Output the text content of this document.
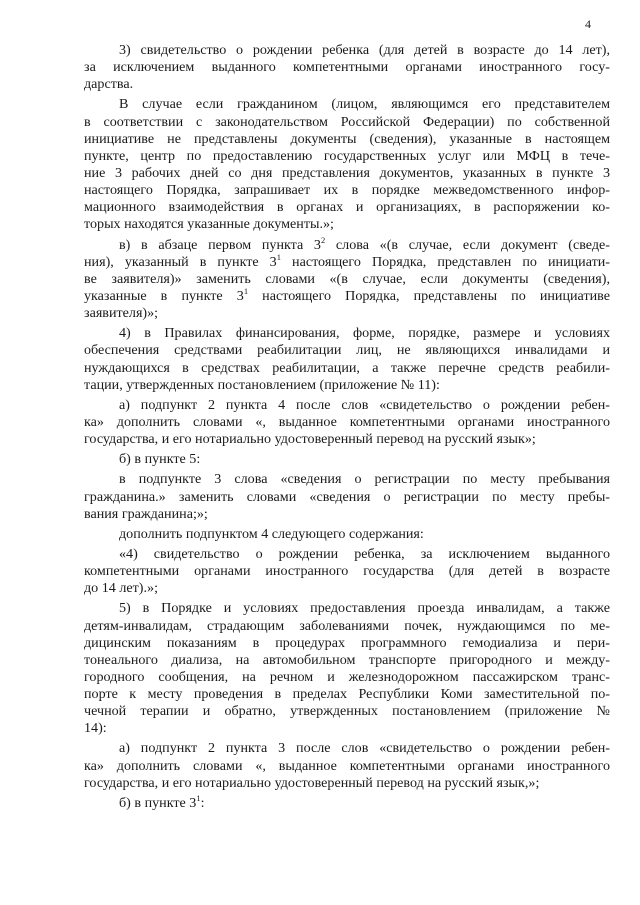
4
3) свидетельство о рождении ребенка (для детей в возрасте до 14 лет),
за исключением выданного компетентными органами иностранного госу-
дарства.
В случае если гражданином (лицом, являющимся его представителем
в соответствии с законодательством Российской Федерации) по собственной
инициативе не представлены документы (сведения), указанные в настоящем
пункте, центр по предоставлению государственных услуг или МФЦ в тече-
ние 3 рабочих дней со дня представления документов, указанных в пункте 3
настоящего Порядка, запрашивает их в порядке межведомственного инфор-
мационного взаимодействия в органах и организациях, в распоряжении ко-
торых находятся указанные документы.»;
в) в абзаце первом пункта $3^2$ слова «(в случае, если документ (сведе-
ния), указанный в пункте $3^1$ настоящего Порядка, представлен по инициати-
ве заявителя)» заменить словами «(в случае, если документы (сведения),
указанные в пункте $3^1$ настоящего Порядка, представлены по инициативе
заявителя)»;
4) в Правилах финансирования, форме, порядке, размере и условиях
обеспечения средствами реабилитации лиц, не являющихся инвалидами и
нуждающихся в средствах реабилитации, а также перечне средств реабили-
тации, утвержденных постановлением (приложение № 11):
а) подпункт 2 пункта 4 после слов «свидетельство о рождении ребен-
ка» дополнить словами «, выданное компетентными органами иностранного
государства, и его нотариально удостоверенный перевод на русский язык»;
б) в пункте 5:
в подпункте 3 слова «сведения о регистрации по месту пребывания
гражданина.» заменить словами «сведения о регистрации по месту пребы-
вания гражданина;»;
дополнить подпунктом 4 следующего содержания:
«4) свидетельство о рождении ребенка, за исключением выданного
компетентными органами иностранного государства (для детей в возрасте
до 14 лет).»;
5) в Порядке и условиях предоставления проезда инвалидам, а также
детям-инвалидам, страдающим заболеваниями почек, нуждающимся по ме-
дицинским показаниям в процедурах программного гемодиализа и пери-
тонеального диализа, на автомобильном транспорте пригородного и между-
городного сообщения, на речном и железнодорожном пассажирском транс-
порте к месту проведения в пределах Республики Коми заместительной по-
чечной терапии и обратно, утвержденных постановлением (приложение №
14):
а) подпункт 2 пункта 3 после слов «свидетельство о рождении ребен-
ка» дополнить словами «, выданное компетентными органами иностранного
государства, и его нотариально удостоверенный перевод на русский язык,»;
б) в пункте $3^1$:
